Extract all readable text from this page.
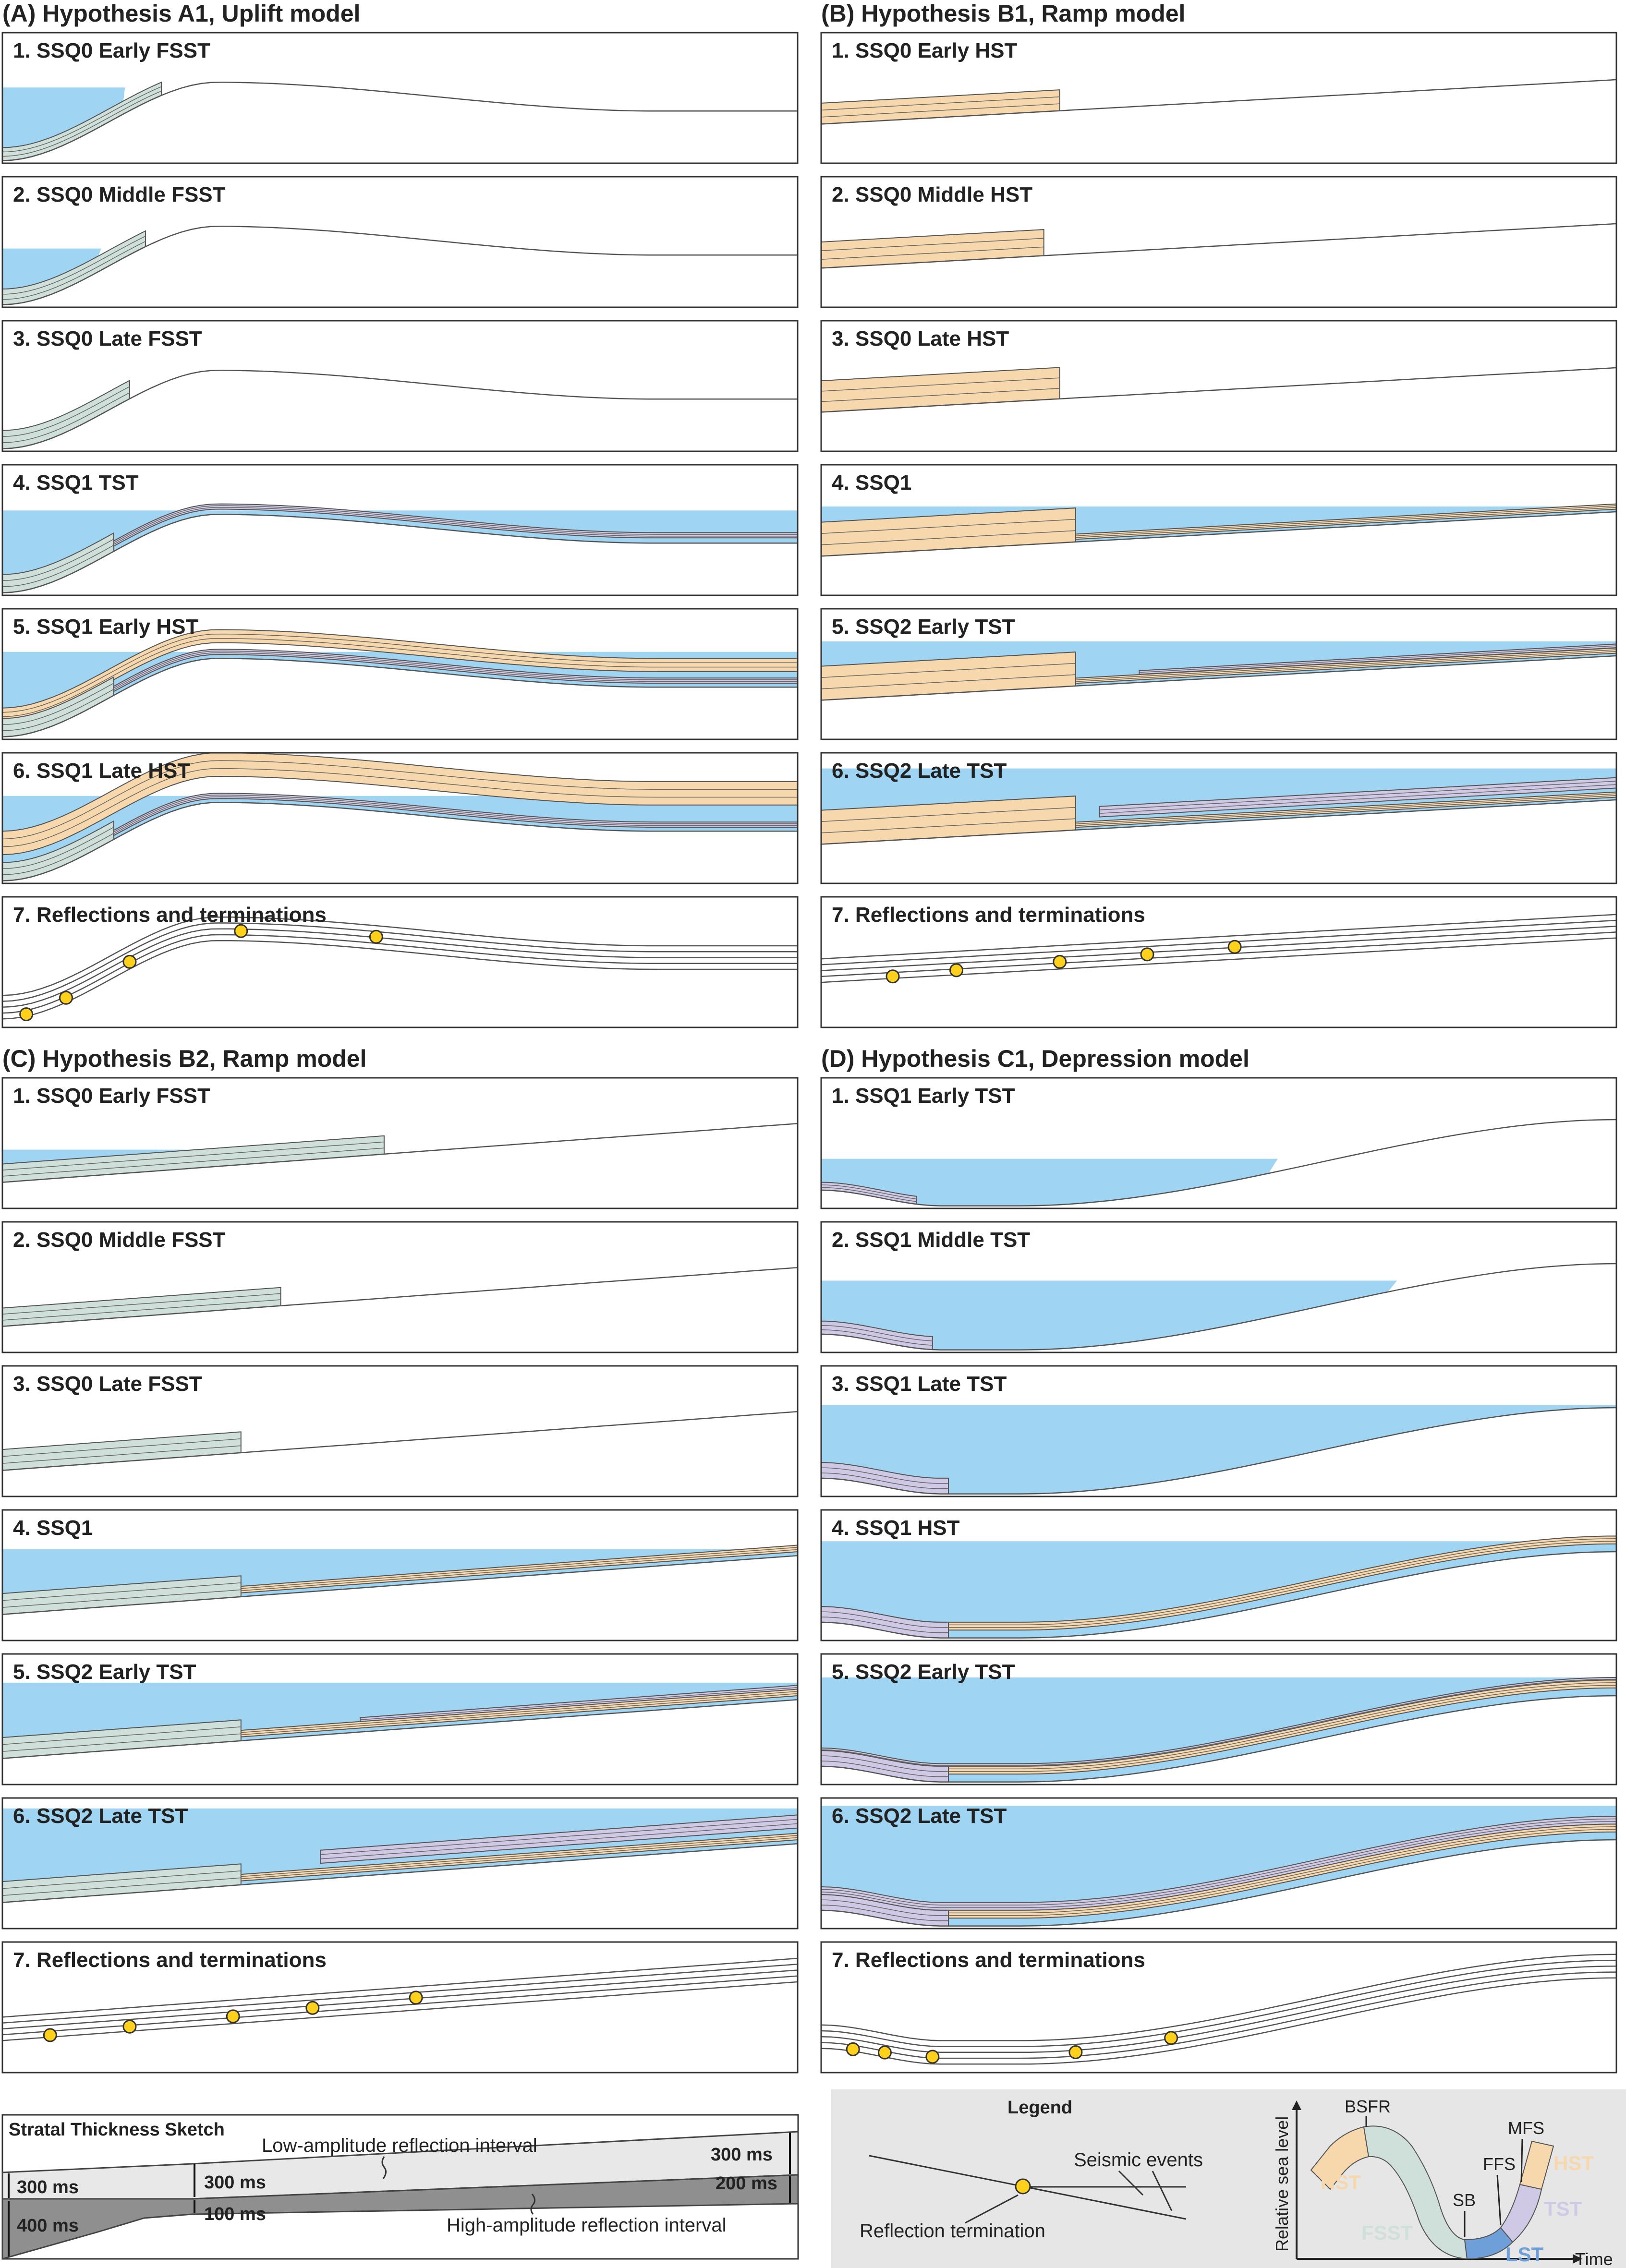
(A) Hypothesis A1, Uplift model
1. SSQ0 Early FSST
2. SSQ0 Middle FSST
3. SSQ0 Late FSST
4. SSQ1 TST
5. SSQ1 Early HST
6. SSQ1 Late HST
7. Reflections and terminations
(B) Hypothesis B1, Ramp model
1. SSQ0 Early HST
2. SSQ0 Middle HST
3. SSQ0 Late HST
4. SSQ1
5. SSQ2 Early TST
6. SSQ2 Late TST
7. Reflections and terminations
(C) Hypothesis B2, Ramp model
1. SSQ0 Early FSST
2. SSQ0 Middle FSST
3. SSQ0 Late FSST
4. SSQ1
5. SSQ2 Early TST
6. SSQ2 Late TST
7. Reflections and terminations
(D) Hypothesis C1, Depression model
1. SSQ1 Early TST
2. SSQ1 Middle TST
3. SSQ1 Late TST
4. SSQ1 HST
5. SSQ2 Early TST
6. SSQ2 Late TST
7. Reflections and terminations
Stratal Thickness Sketch
Low-amplitude reflection interval
High-amplitude reflection interval
300 ms
400 ms
300 ms
100 ms
300 ms
200 ms
Legend
Seismic events
Reflection termination
Time
Relative sea level HST
FSST
LST
TST
HST
BSFR
SB
FFS
MFS
